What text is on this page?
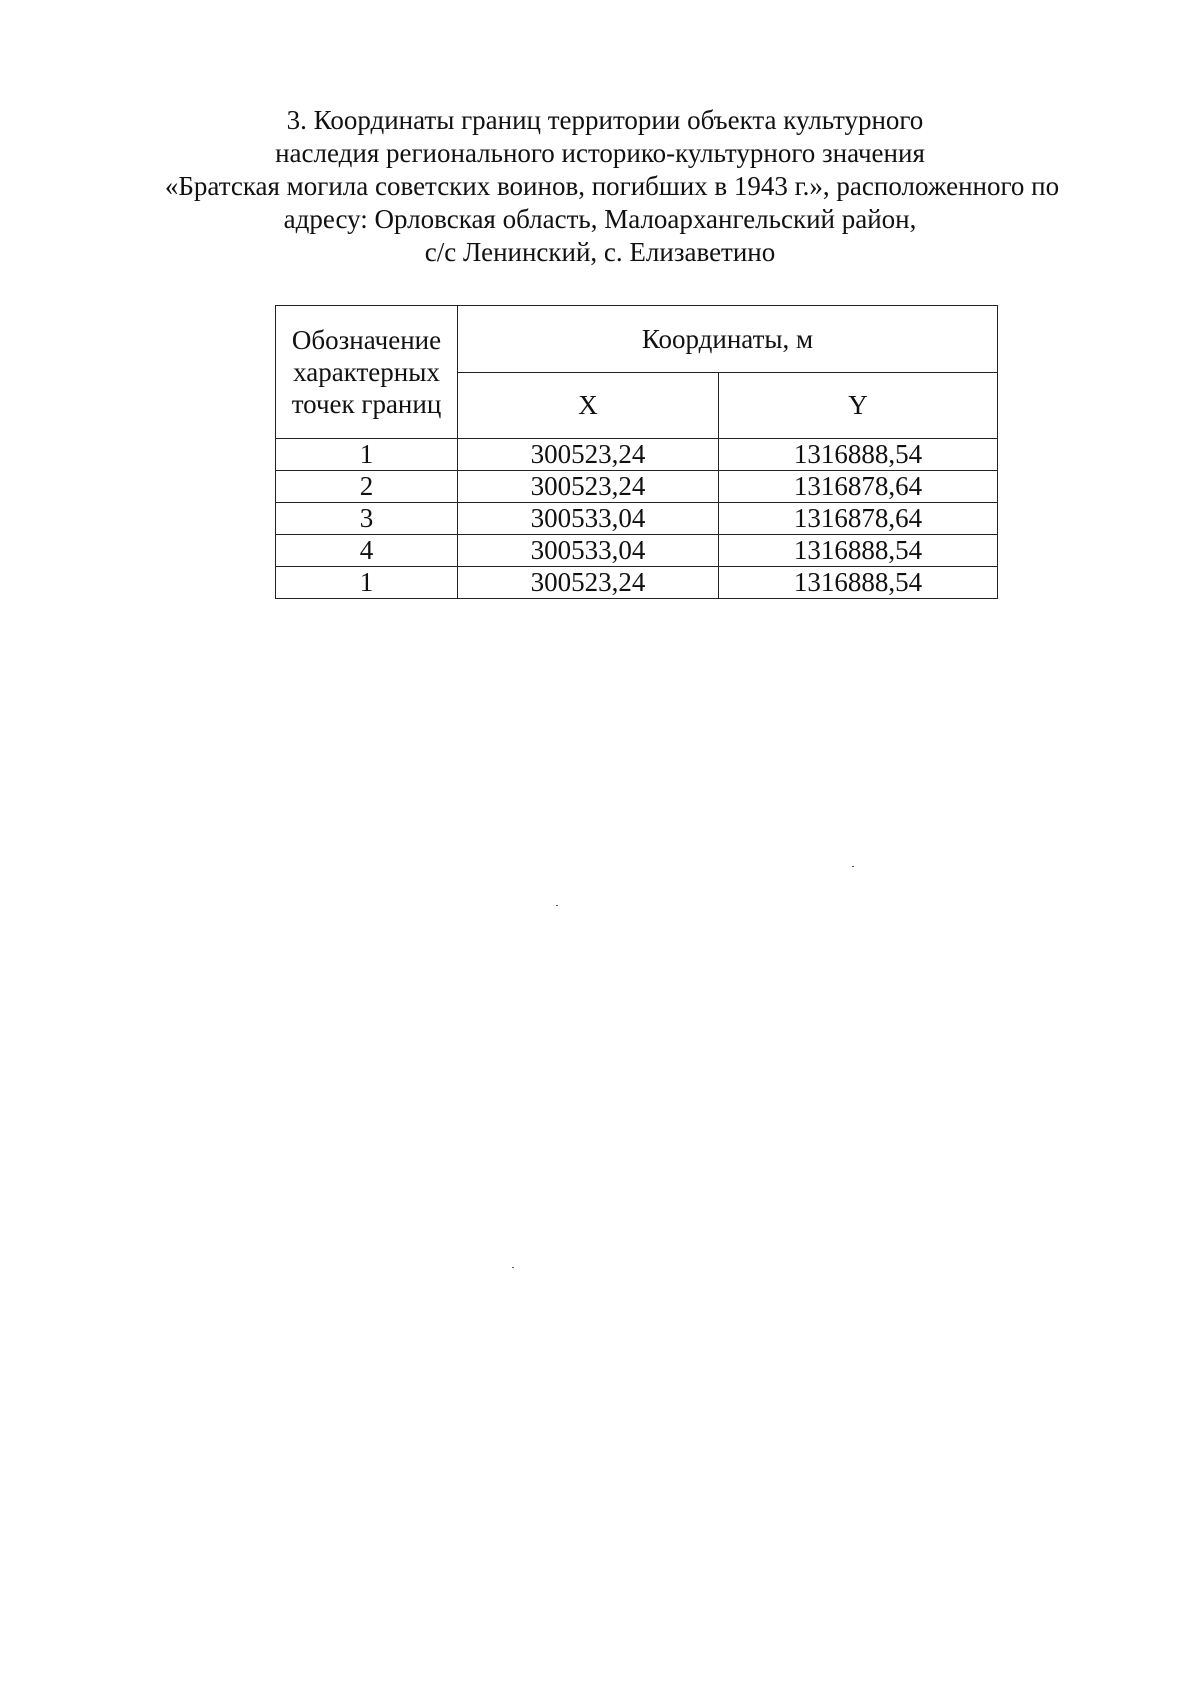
3. Координаты границ территории объекта культурного
наследия регионального историко-культурного значения
«Братская могила советских воинов, погибших в 1943 г.», расположенного по
адресу: Орловская область, Малоархангельский район,
с/с Ленинский, с. Елизаветино
Обозначение характерных точек границ	Координаты, м	
	X	Y
1	300523,24	1316888,54
2	300523,24	1316878,64
3	300533,04	1316878,64
4	300533,04	1316888,54
1	300523,24	1316888,54
